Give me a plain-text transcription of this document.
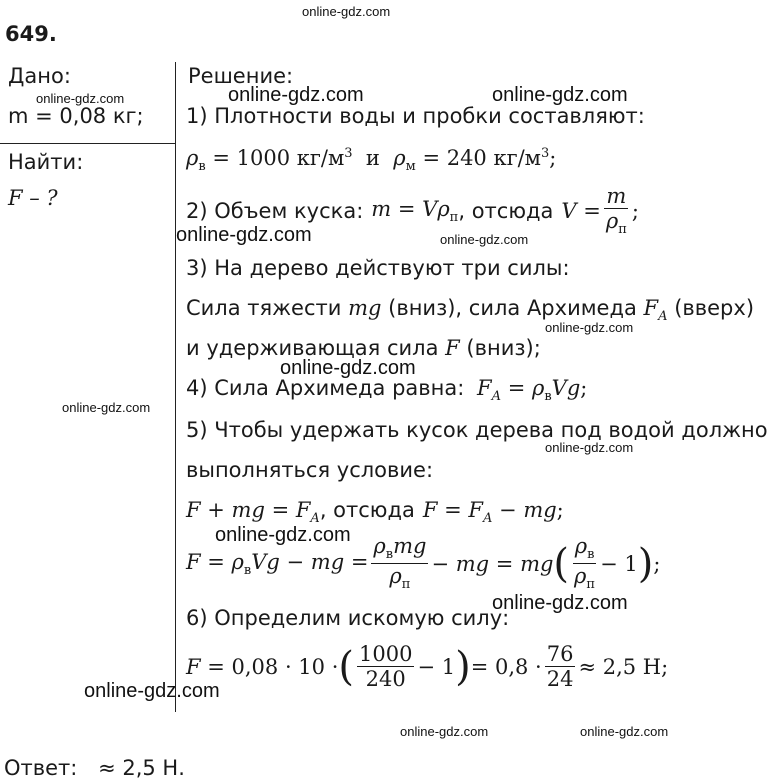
online-gdz.com
649.
Дано:
m = 0,08 кг;
Найти:
F – ?
Решение:
1) Плотности воды и пробки составляют:
$\rho_в = 1000$ $кг/м^3$  и  $\rho_м = 240$ $кг/м^3$;
2) Объем куска: $m = V\rho_п$ , отсюда $V = \frac{m}{\rho_п}$ ;
3) На дерево действуют три силы:
Сила тяжести mg (вниз), сила Архимеда $F_A$ (вверх)
и удерживающая сила F (вниз);
4) Сила Архимеда равна: $F_A = \rho_вVg$;
5) Чтобы удержать кусок дерева под водой должно
выполняться условие:
F + mg = $F_A$, отсюда $F = F_A$ − mg;
$F = \rho_вVg$ − mg = $\frac{\rho_вmg}{\rho_п}$ − mg = mg ( $\frac{\rho_в}{\rho_п} - 1$ ) ;
6) Определим искомую силу:
F = 0,08 · 10 · ( $\frac{1000}{240} - 1$ ) = $0,8 \cdot \frac{76}{24} \approx 2,5$ Н;
Ответ: ≈ 2,5 Н.
online-gdz.com	online-gdz.com	online-gdz.com
online-gdz.com	online-gdz.com
online-gdz.com
online-gdz.com
online-gdz.com
online-gdz.com
online-gdz.com
online-gdz.com
online-gdz.com
online-gdz.com	online-gdz.com
